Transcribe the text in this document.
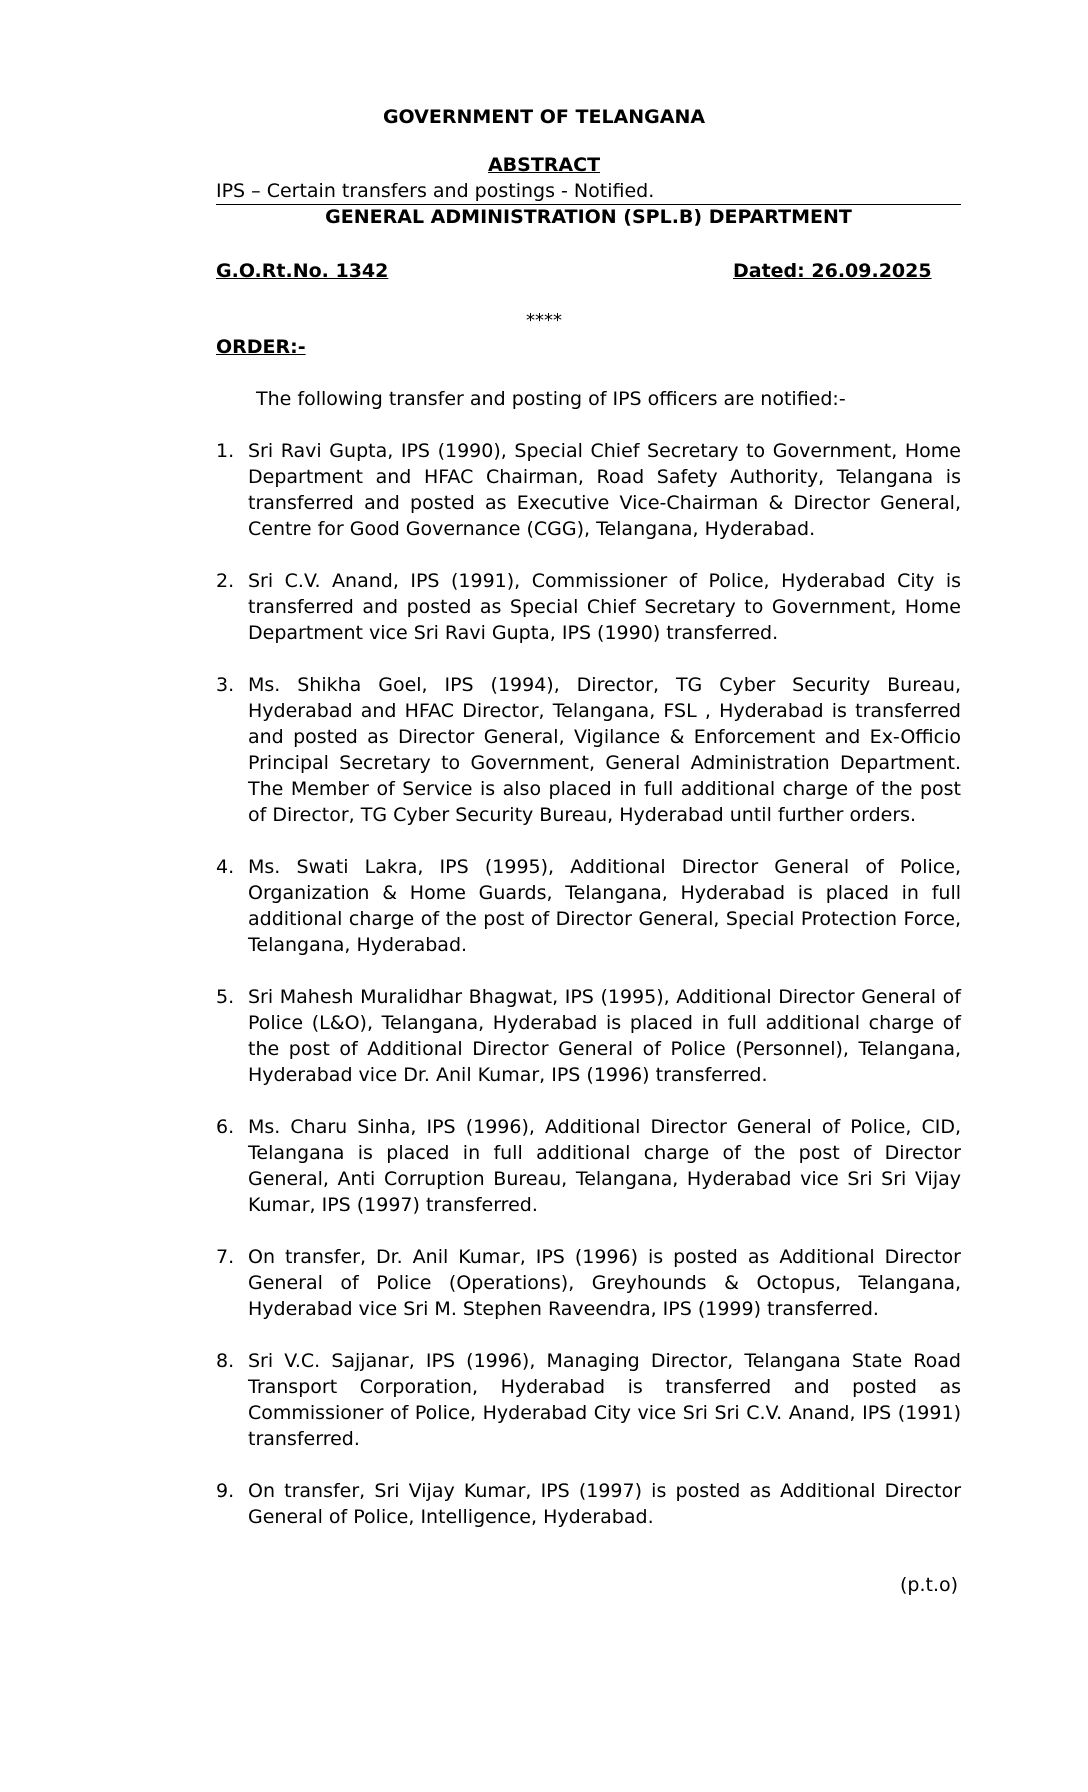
GOVERNMENT OF TELANGANA
ABSTRACT
IPS – Certain transfers and postings - Notified.
GENERAL ADMINISTRATION (SPL.B) DEPARTMENT
G.O.Rt.No. 1342	Dated: 26.09.2025
****
ORDER:-
The following transfer and posting of IPS officers are notified:-
1. Sri Ravi Gupta, IPS (1990), Special Chief Secretary to Government, Home Department and HFAC Chairman, Road Safety Authority, Telangana is transferred and posted as Executive Vice-Chairman & Director General, Centre for Good Governance (CGG), Telangana, Hyderabad.
2. Sri C.V. Anand, IPS (1991), Commissioner of Police, Hyderabad City is transferred and posted as Special Chief Secretary to Government, Home Department vice Sri Ravi Gupta, IPS (1990) transferred.
3. Ms. Shikha Goel, IPS (1994), Director, TG Cyber Security Bureau, Hyderabad and HFAC Director, Telangana, FSL , Hyderabad is transferred and posted as Director General, Vigilance & Enforcement and Ex-Officio Principal Secretary to Government, General Administration Department. The Member of Service is also placed in full additional charge of the post of Director, TG Cyber Security Bureau, Hyderabad until further orders.
4. Ms. Swati Lakra, IPS (1995), Additional Director General of Police, Organization & Home Guards, Telangana, Hyderabad is placed in full additional charge of the post of Director General, Special Protection Force, Telangana, Hyderabad.
5. Sri Mahesh Muralidhar Bhagwat, IPS (1995), Additional Director General of Police (L&O), Telangana, Hyderabad is placed in full additional charge of the post of Additional Director General of Police (Personnel), Telangana, Hyderabad vice Dr. Anil Kumar, IPS (1996) transferred.
6. Ms. Charu Sinha, IPS (1996), Additional Director General of Police, CID, Telangana is placed in full additional charge of the post of Director General, Anti Corruption Bureau, Telangana, Hyderabad vice Sri Sri Vijay Kumar, IPS (1997) transferred.
7. On transfer, Dr. Anil Kumar, IPS (1996) is posted as Additional Director General of Police (Operations), Greyhounds & Octopus, Telangana, Hyderabad vice Sri M. Stephen Raveendra, IPS (1999) transferred.
8. Sri V.C. Sajjanar, IPS (1996), Managing Director, Telangana State Road Transport Corporation, Hyderabad is transferred and posted as Commissioner of Police, Hyderabad City vice Sri Sri C.V. Anand, IPS (1991) transferred.
9. On transfer, Sri Vijay Kumar, IPS (1997) is posted as Additional Director General of Police, Intelligence, Hyderabad.
(p.t.o)
